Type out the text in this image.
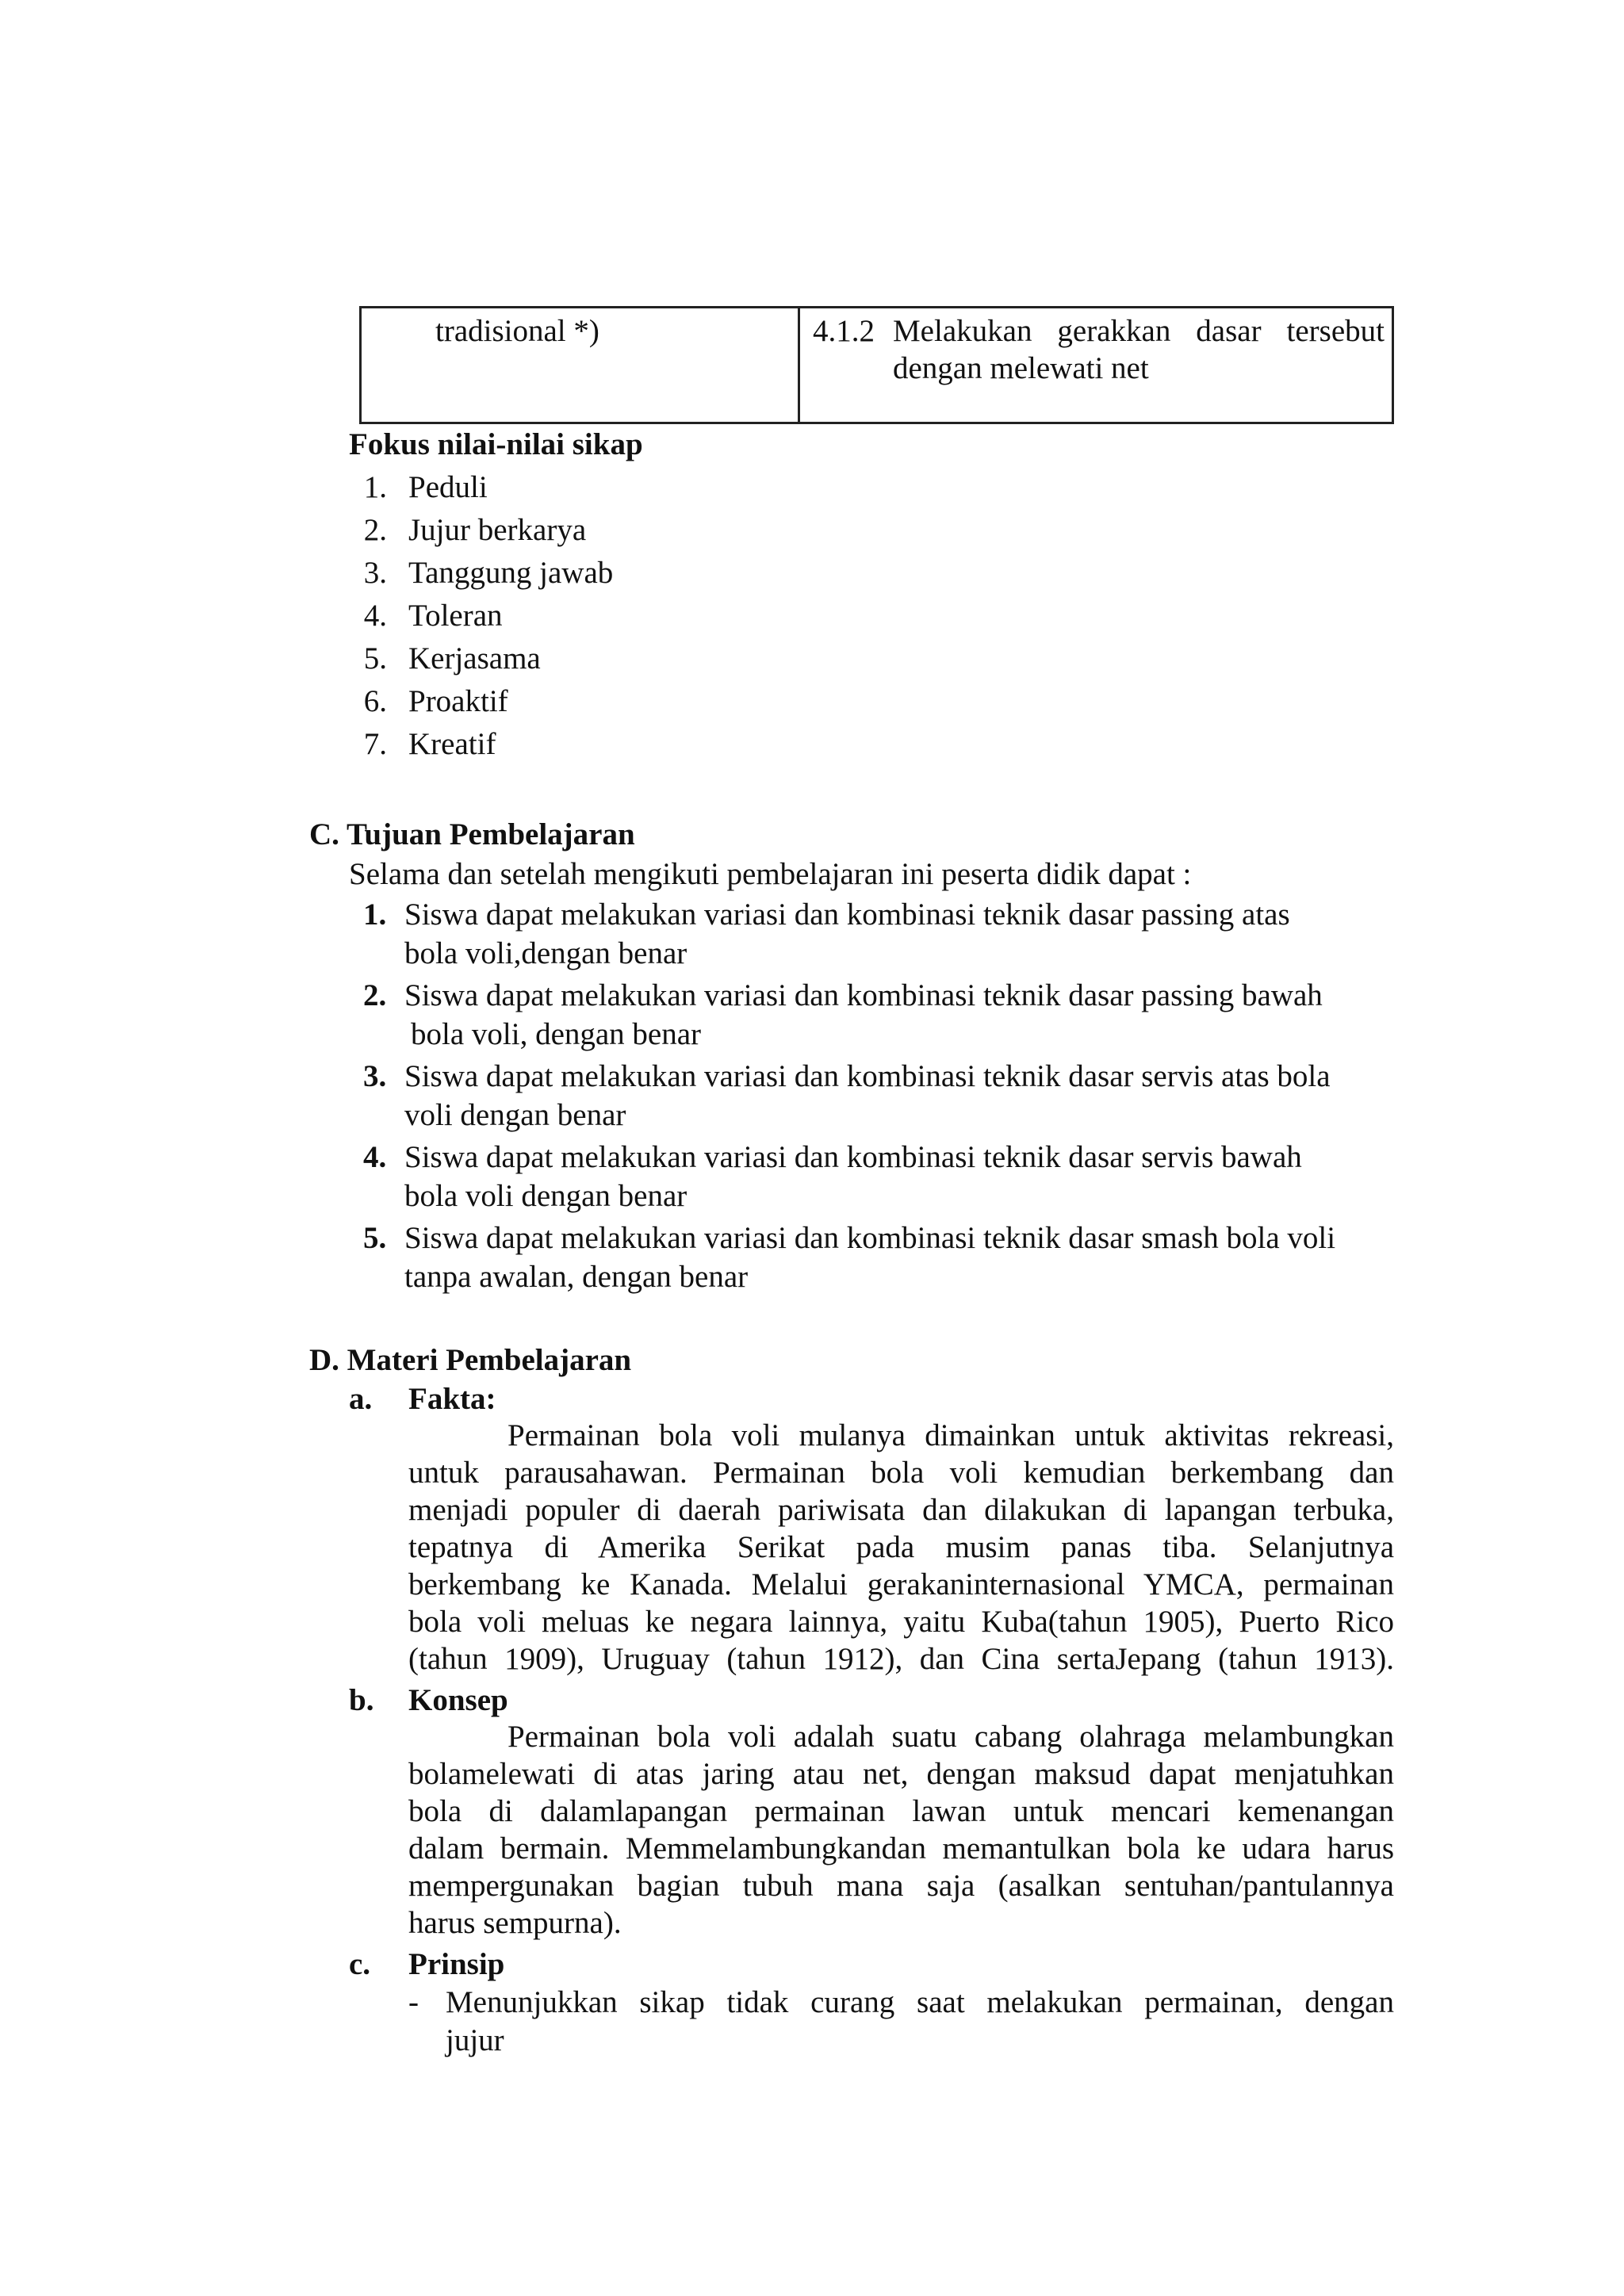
tradisional *)	4.1.2 Melakukan gerakkan dasar tersebut
dengan melewati net
Fokus nilai-nilai sikap
1. Peduli
2. Jujur berkarya
3. Tanggung jawab
4. Toleran
5. Kerjasama
6. Proaktif
7. Kreatif
C. Tujuan Pembelajaran
Selama dan setelah mengikuti pembelajaran ini peserta didik dapat :
1. Siswa dapat melakukan variasi dan kombinasi teknik dasar passing atas
bola voli,dengan benar
2. Siswa dapat melakukan variasi dan kombinasi teknik dasar passing bawah
bola voli, dengan benar
3. Siswa dapat melakukan variasi dan kombinasi teknik dasar servis atas bola
voli dengan benar
4. Siswa dapat melakukan variasi dan kombinasi teknik dasar servis bawah
bola voli dengan benar
5. Siswa dapat melakukan variasi dan kombinasi teknik dasar smash bola voli
tanpa awalan, dengan benar
D. Materi Pembelajaran
a. Fakta:
Permainan bola voli mulanya dimainkan untuk aktivitas rekreasi,
untuk parausahawan. Permainan bola voli kemudian berkembang dan
menjadi populer di daerah pariwisata dan dilakukan di lapangan terbuka,
tepatnya di Amerika Serikat pada musim panas tiba. Selanjutnya
berkembang ke Kanada. Melalui gerakaninternasional YMCA, permainan
bola voli meluas ke negara lainnya, yaitu Kuba(tahun 1905), Puerto Rico
(tahun 1909), Uruguay (tahun 1912), dan Cina sertaJepang (tahun 1913).
b. Konsep
Permainan bola voli adalah suatu cabang olahraga melambungkan
bolamelewati di atas jaring atau net, dengan maksud dapat menjatuhkan
bola di dalamlapangan permainan lawan untuk mencari kemenangan
dalam bermain. Memmelambungkandan memantulkan bola ke udara harus
mempergunakan bagian tubuh mana saja (asalkan sentuhan/pantulannya
harus sempurna).
c. Prinsip
- Menunjukkan sikap tidak curang saat melakukan permainan, dengan
jujur
